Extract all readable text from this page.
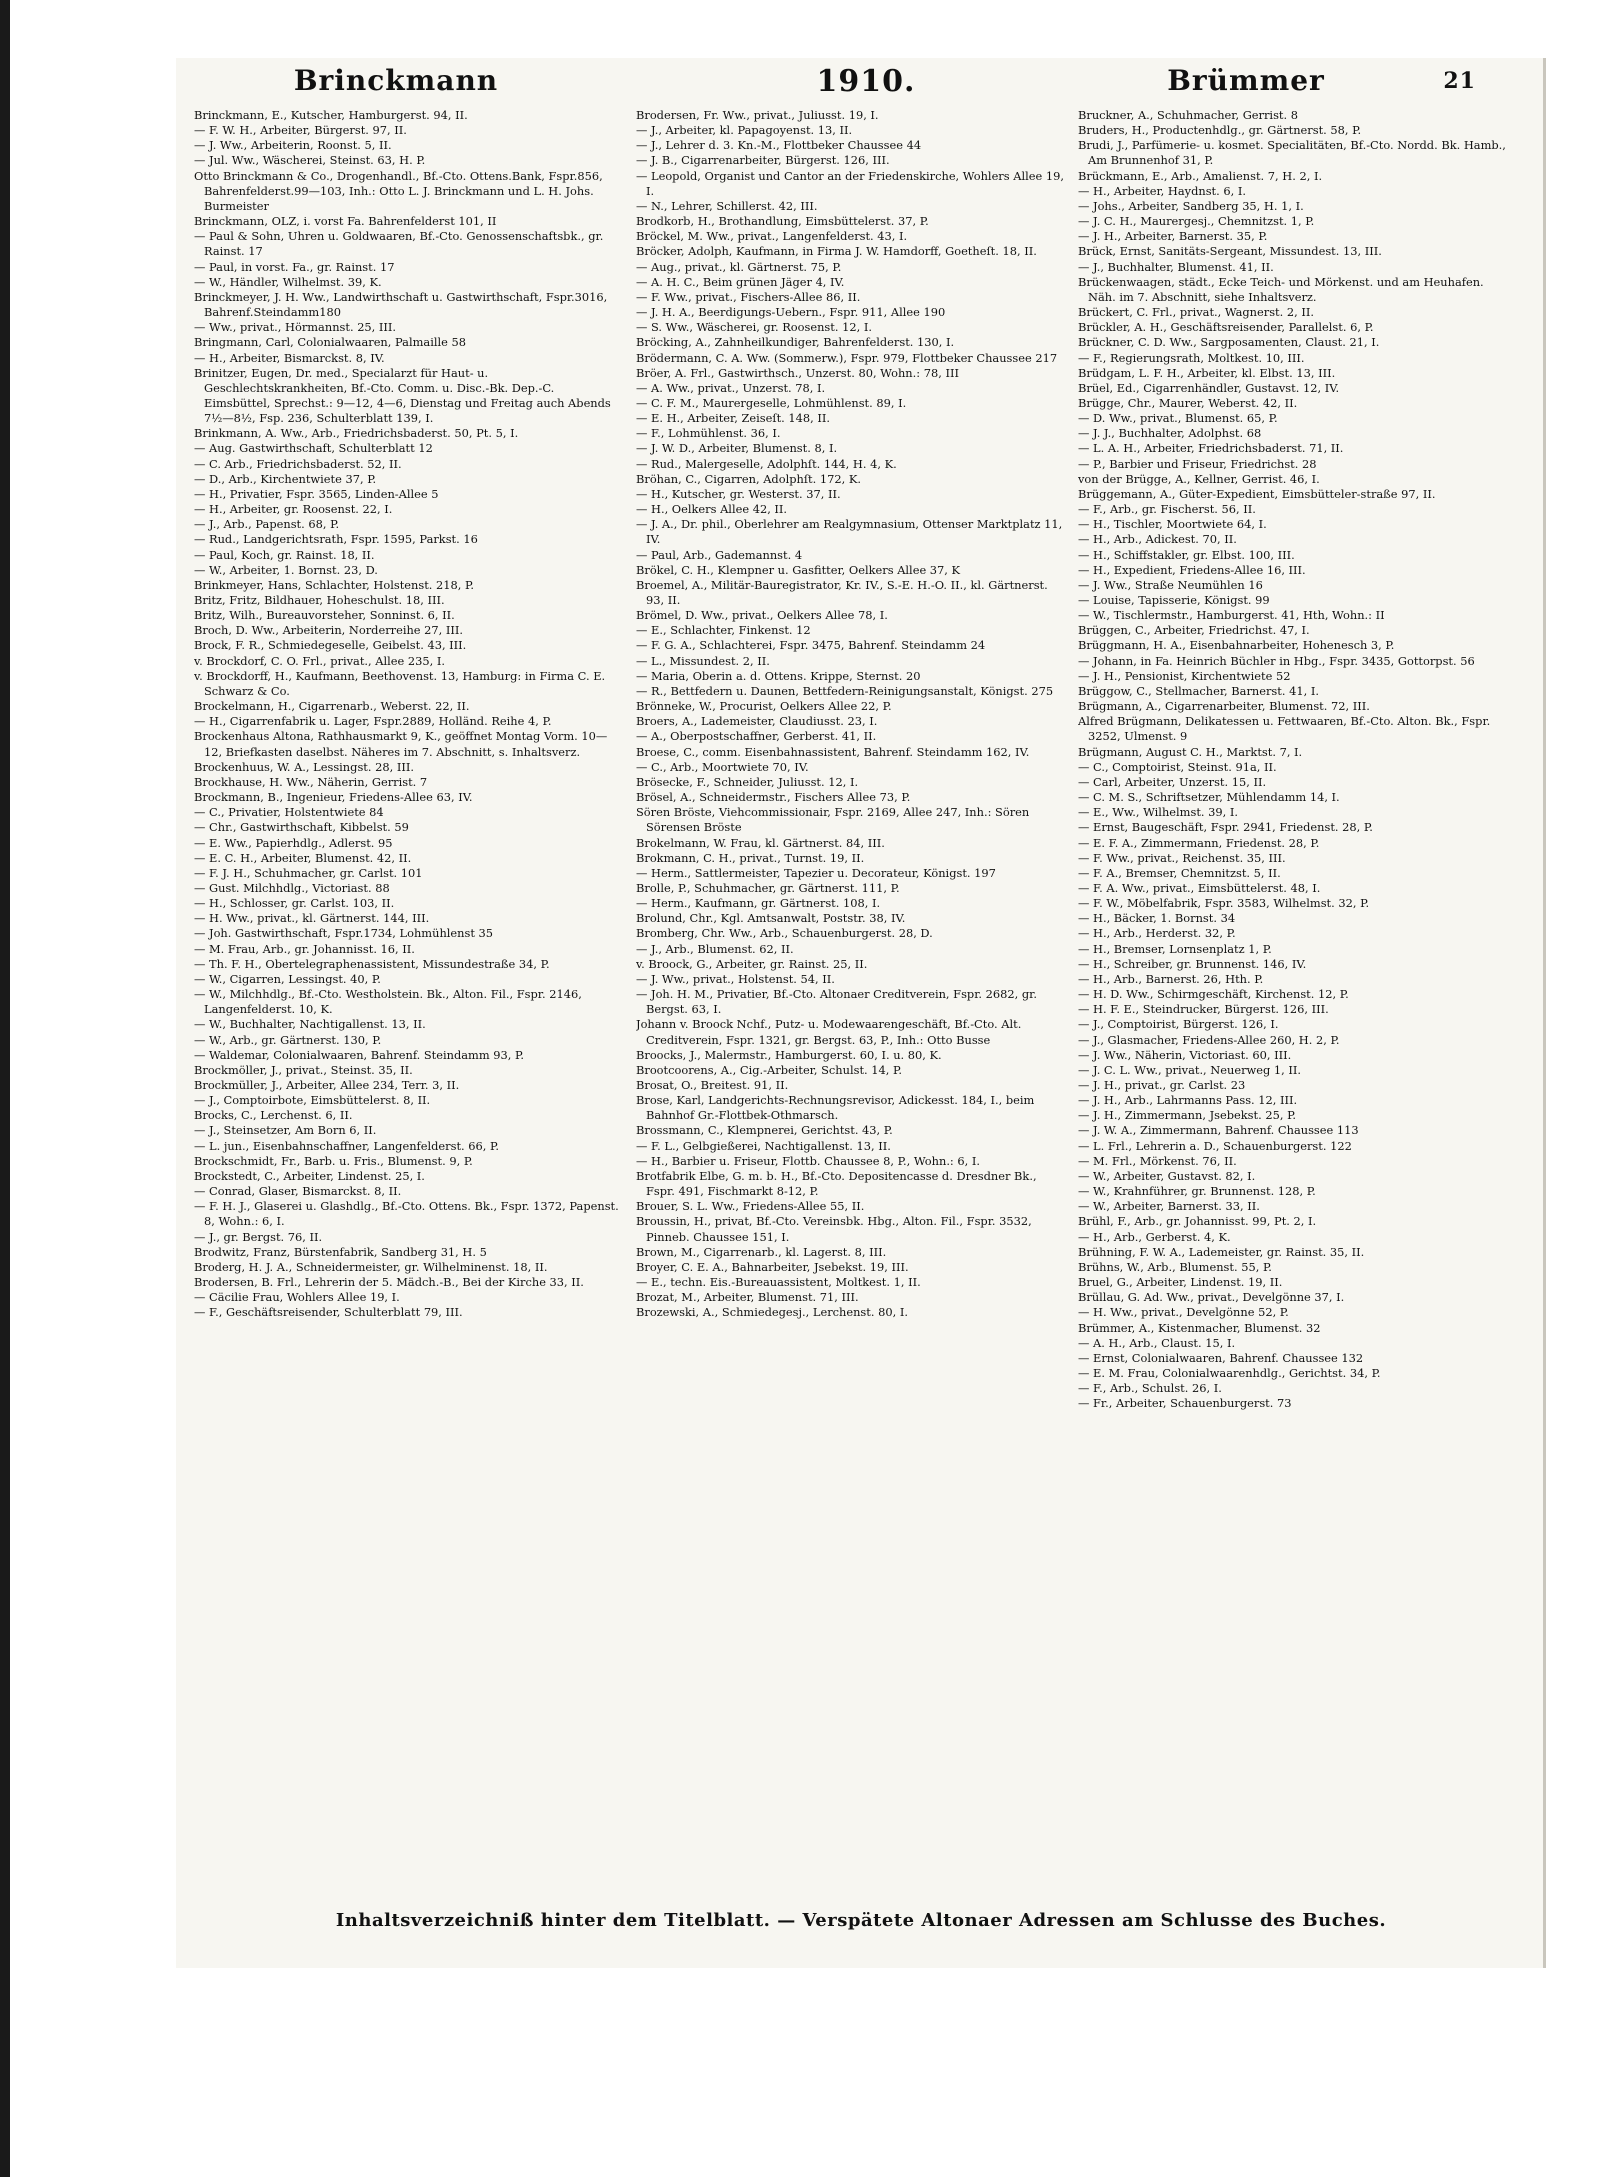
Brinckmann	1910.	Brümmer	21

Brinckmann, E., Kutscher, Hamburgerst. 94, II.

— F. W. H., Arbeiter, Bürgerst. 97, II.

— J. Ww., Arbeiterin, Roonst. 5, II.

— Jul. Ww., Wäscherei, Steinst. 63, H. P.

Otto Brinckmann & Co., Drogenhandl., Bf.-Cto. Ottens.Bank, Fspr.856, Bahrenfelderst.99—103, Inh.: Otto L. J. Brinckmann und L. H. Johs. Burmeister

Brinckmann, OLZ, i. vorst Fa. Bahrenfelderst 101, II

— Paul & Sohn, Uhren u. Goldwaaren, Bf.-Cto. Genossenschaftsbk., gr. Rainst. 17

— Paul, in vorst. Fa., gr. Rainst. 17

— W., Händler, Wilhelmst. 39, K.

Brinckmeyer, J. H. Ww., Landwirthschaft u. Gastwirthschaft, Fspr.3016, Bahrenf.Steindamm180

— Ww., privat., Hörmannst. 25, III.

Bringmann, Carl, Colonialwaaren, Palmaille 58

— H., Arbeiter, Bismarckst. 8, IV.

Brinitzer, Eugen, Dr. med., Specialarzt für Haut- u. Geschlechtskrankheiten, Bf.-Cto. Comm. u. Disc.-Bk. Dep.-C. Eimsbüttel, Sprechst.: 9—12, 4—6, Dienstag und Freitag auch Abends 7½—8½, Fsp. 236, Schulterblatt 139, I.

Brinkmann, A. Ww., Arb., Friedrichsbaderst. 50, Pt. 5, I.

— Aug. Gastwirthschaft, Schulterblatt 12

— C. Arb., Friedrichsbaderst. 52, II.

— D., Arb., Kirchentwiete 37, P.

— H., Privatier, Fspr. 3565, Linden-Allee 5

— H., Arbeiter, gr. Roosenst. 22, I.

— J., Arb., Papenst. 68, P.

— Rud., Landgerichtsrath, Fspr. 1595, Parkst. 16

— Paul, Koch, gr. Rainst. 18, II.

— W., Arbeiter, 1. Bornst. 23, D.

Brinkmeyer, Hans, Schlachter, Holstenst. 218, P.

Britz, Fritz, Bildhauer, Hoheschulst. 18, III.

Britz, Wilh., Bureauvorsteher, Sonninst. 6, II.

Broch, D. Ww., Arbeiterin, Norderreihe 27, III.

Brock, F. R., Schmiedegeselle, Geibelst. 43, III.

v. Brockdorf, C. O. Frl., privat., Allee 235, I.

v. Brockdorff, H., Kaufmann, Beethovenst. 13, Hamburg: in Firma C. E. Schwarz & Co.

Brockelmann, H., Cigarrenarb., Weberst. 22, II.

— H., Cigarrenfabrik u. Lager, Fspr.2889, Holländ. Reihe 4, P.

Brockenhaus Altona, Rathhausmarkt 9, K., geöffnet Montag Vorm. 10—12, Briefkasten daselbst. Näheres im 7. Abschnitt, s. Inhaltsverz.

Brockenhuus, W. A., Lessingst. 28, III.

Brockhause, H. Ww., Näherin, Gerrist. 7

Brockmann, B., Ingenieur, Friedens-Allee 63, IV.

— C., Privatier, Holstentwiete 84

— Chr., Gastwirthschaft, Kibbelst. 59

— E. Ww., Papierhdlg., Adlerst. 95

— E. C. H., Arbeiter, Blumenst. 42, II.

— F. J. H., Schuhmacher, gr. Carlst. 101

— Gust. Milchhdlg., Victoriast. 88

— H., Schlosser, gr. Carlst. 103, II.

— H. Ww., privat., kl. Gärtnerst. 144, III.

— Joh. Gastwirthschaft, Fspr.1734, Lohmühlenst 35

— M. Frau, Arb., gr. Johannisst. 16, II.

— Th. F. H., Obertelegraphenassistent, Missundestraße 34, P.

— W., Cigarren, Lessingst. 40, P.

— W., Milchhdlg., Bf.-Cto. Westholstein. Bk., Alton. Fil., Fspr. 2146, Langenfelderst. 10, K.

— W., Buchhalter, Nachtigallenst. 13, II.

— W., Arb., gr. Gärtnerst. 130, P.

— Waldemar, Colonialwaaren, Bahrenf. Steindamm 93, P.

Brockmöller, J., privat., Steinst. 35, II.

Brockmüller, J., Arbeiter, Allee 234, Terr. 3, II.

— J., Comptoirbote, Eimsbüttelerst. 8, II.

Brocks, C., Lerchenst. 6, II.

— J., Steinsetzer, Am Born 6, II.

— L. jun., Eisenbahnschaffner, Langenfelderst. 66, P.

Brockschmidt, Fr., Barb. u. Fris., Blumenst. 9, P.

Brockstedt, C., Arbeiter, Lindenst. 25, I.

— Conrad, Glaser, Bismarckst. 8, II.

— F. H. J., Glaserei u. Glashdlg., Bf.-Cto. Ottens. Bk., Fspr. 1372, Papenst. 8, Wohn.: 6, I.

— J., gr. Bergst. 76, II.

Brodwitz, Franz, Bürstenfabrik, Sandberg 31, H. 5

Broderg, H. J. A., Schneidermeister, gr. Wilhelminenst. 18, II.

Brodersen, B. Frl., Lehrerin der 5. Mädch.-B., Bei der Kirche 33, II.

— Cäcilie Frau, Wohlers Allee 19, I.

— F., Geschäftsreisender, Schulterblatt 79, III.

Brodersen, Fr. Ww., privat., Juliusst. 19, I.

— J., Arbeiter, kl. Papagoyenst. 13, II.

— J., Lehrer d. 3. Kn.-M., Flottbeker Chaussee 44

— J. B., Cigarrenarbeiter, Bürgerst. 126, III.

— Leopold, Organist und Cantor an der Friedenskirche, Wohlers Allee 19, I.

— N., Lehrer, Schillerst. 42, III.

Brodkorb, H., Brothandlung, Eimsbüttelerst. 37, P.

Bröckel, M. Ww., privat., Langenfelderst. 43, I.

Bröcker, Adolph, Kaufmann, in Firma J. W. Hamdorff, Goetheſt. 18, II.

— Aug., privat., kl. Gärtnerst. 75, P.

— A. H. C., Beim grünen Jäger 4, IV.

— F. Ww., privat., Fischers-Allee 86, II.

— J. H. A., Beerdigungs-Uebern., Fspr. 911, Allee 190

— S. Ww., Wäscherei, gr. Roosenst. 12, I.

Bröcking, A., Zahnheilkundiger, Bahrenfelderst. 130, I.

Brödermann, C. A. Ww. (Sommerw.), Fspr. 979, Flottbeker Chaussee 217

Bröer, A. Frl., Gastwirthsch., Unzerst. 80, Wohn.: 78, III

— A. Ww., privat., Unzerst. 78, I.

— C. F. M., Maurergeselle, Lohmühlenst. 89, I.

— E. H., Arbeiter, Zeiseſt. 148, II.

— F., Lohmühlenst. 36, I.

— J. W. D., Arbeiter, Blumenst. 8, I.

— Rud., Malergeselle, Adolphſt. 144, H. 4, K.

Bröhan, C., Cigarren, Adolphſt. 172, K.

— H., Kutscher, gr. Westerst. 37, II.

— H., Oelkers Allee 42, II.

— J. A., Dr. phil., Oberlehrer am Realgymnasium, Ottenser Marktplatz 11, IV.

— Paul, Arb., Gademannst. 4

Brökel, C. H., Klempner u. Gasfitter, Oelkers Allee 37, K

Broemel, A., Militär-Bauregistrator, Kr. IV., S.-E. H.-O. II., kl. Gärtnerst. 93, II.

Brömel, D. Ww., privat., Oelkers Allee 78, I.

— E., Schlachter, Finkenst. 12

— F. G. A., Schlachterei, Fspr. 3475, Bahrenf. Steindamm 24

— L., Missundest. 2, II.

— Maria, Oberin a. d. Ottens. Krippe, Sternst. 20

— R., Bettfedern u. Daunen, Bettfedern-Reinigungsanstalt, Königst. 275

Brönneke, W., Procurist, Oelkers Allee 22, P.

Broers, A., Lademeister, Claudiusst. 23, I.

— A., Oberpostschaffner, Gerberst. 41, II.

Broese, C., comm. Eisenbahnassistent, Bahrenf. Steindamm 162, IV.

— C., Arb., Moortwiete 70, IV.

Brösecke, F., Schneider, Juliusst. 12, I.

Brösel, A., Schneidermstr., Fischers Allee 73, P.

Sören Bröste, Viehcommissionair, Fspr. 2169, Allee 247, Inh.: Sören Sörensen Bröste

Brokelmann, W. Frau, kl. Gärtnerst. 84, III.

Brokmann, C. H., privat., Turnst. 19, II.

— Herm., Sattlermeister, Tapezier u. Decorateur, Königst. 197

Brolle, P., Schuhmacher, gr. Gärtnerst. 111, P.

— Herm., Kaufmann, gr. Gärtnerst. 108, I.

Brolund, Chr., Kgl. Amtsanwalt, Poststr. 38, IV.

Bromberg, Chr. Ww., Arb., Schauenburgerst. 28, D.

— J., Arb., Blumenst. 62, II.

v. Broock, G., Arbeiter, gr. Rainst. 25, II.

— J. Ww., privat., Holstenst. 54, II.

— Joh. H. M., Privatier, Bf.-Cto. Altonaer Creditverein, Fspr. 2682, gr. Bergst. 63, I.

Johann v. Broock Nchf., Putz- u. Modewaarengeschäft, Bf.-Cto. Alt. Creditverein, Fspr. 1321, gr. Bergst. 63, P., Inh.: Otto Busse

Broocks, J., Malermstr., Hamburgerst. 60, I. u. 80, K.

Brootcoorens, A., Cig.-Arbeiter, Schulst. 14, P.

Brosat, O., Breitest. 91, II.

Brose, Karl, Landgerichts-Rechnungsrevisor, Adickesst. 184, I., beim Bahnhof Gr.-Flottbek-Othmarsch.

Brossmann, C., Klempnerei, Gerichtst. 43, P.

— F. L., Gelbgießerei, Nachtigallenst. 13, II.

— H., Barbier u. Friseur, Flottb. Chaussee 8, P., Wohn.: 6, I.

Brotfabrik Elbe, G. m. b. H., Bf.-Cto. Depositencasse d. Dresdner Bk., Fspr. 491, Fischmarkt 8-12, P.

Brouer, S. L. Ww., Friedens-Allee 55, II.

Broussin, H., privat, Bf.-Cto. Vereinsbk. Hbg., Alton. Fil., Fspr. 3532, Pinneb. Chaussee 151, I.

Brown, M., Cigarrenarb., kl. Lagerst. 8, III.

Broyer, C. E. A., Bahnarbeiter, Jsebekst. 19, III.

— E., techn. Eis.-Bureauassistent, Moltkest. 1, II.

Brozat, M., Arbeiter, Blumenst. 71, III.

Brozewski, A., Schmiedegesj., Lerchenst. 80, I.

Bruckner, A., Schuhmacher, Gerrist. 8

Bruders, H., Productenhdlg., gr. Gärtnerst. 58, P.

Brudi, J., Parfümerie- u. kosmet. Specialitäten, Bf.-Cto. Nordd. Bk. Hamb., Am Brunnenhof 31, P.

Brückmann, E., Arb., Amalienst. 7, H. 2, I.

— H., Arbeiter, Haydnst. 6, I.

— Johs., Arbeiter, Sandberg 35, H. 1, I.

— J. C. H., Maurergesj., Chemnitzst. 1, P.

— J. H., Arbeiter, Barnerst. 35, P.

Brück, Ernst, Sanitäts-Sergeant, Missundest. 13, III.

— J., Buchhalter, Blumenst. 41, II.

Brückenwaagen, städt., Ecke Teich- und Mörkenst. und am Heuhafen. Näh. im 7. Abschnitt, siehe Inhaltsverz.

Brückert, C. Frl., privat., Wagnerst. 2, II.

Brückler, A. H., Geschäftsreisender, Parallelst. 6, P.

Brückner, C. D. Ww., Sargposamenten, Claust. 21, I.

— F., Regierungsrath, Moltkest. 10, III.

Brüdgam, L. F. H., Arbeiter, kl. Elbst. 13, III.

Brüel, Ed., Cigarrenhändler, Gustavst. 12, IV.

Brügge, Chr., Maurer, Weberst. 42, II.

— D. Ww., privat., Blumenst. 65, P.

— J. J., Buchhalter, Adolphst. 68

— L. A. H., Arbeiter, Friedrichsbaderst. 71, II.

— P., Barbier und Friseur, Friedrichst. 28

von der Brügge, A., Kellner, Gerrist. 46, I.

Brüggemann, A., Güter-Expedient, Eimsbütteler-straße 97, II.

— F., Arb., gr. Fischerst. 56, II.

— H., Tischler, Moortwiete 64, I.

— H., Arb., Adickest. 70, II.

— H., Schiffstakler, gr. Elbst. 100, III.

— H., Expedient, Friedens-Allee 16, III.

— J. Ww., Straße Neumühlen 16

— Louise, Tapisserie, Königst. 99

— W., Tischlermstr., Hamburgerst. 41, Hth, Wohn.: II

Brüggen, C., Arbeiter, Friedrichst. 47, I.

Brüggmann, H. A., Eisenbahnarbeiter, Hohenesch 3, P.

— Johann, in Fa. Heinrich Büchler in Hbg., Fspr. 3435, Gottorpst. 56

— J. H., Pensionist, Kirchentwiete 52

Brüggow, C., Stellmacher, Barnerst. 41, I.

Brügmann, A., Cigarrenarbeiter, Blumenst. 72, III.

Alfred Brügmann, Delikatessen u. Fettwaaren, Bf.-Cto. Alton. Bk., Fspr. 3252, Ulmenst. 9

Brügmann, August C. H., Marktst. 7, I.

— C., Comptoirist, Steinst. 91a, II.

— Carl, Arbeiter, Unzerst. 15, II.

— C. M. S., Schriftsetzer, Mühlendamm 14, I.

— E., Ww., Wilhelmst. 39, I.

— Ernst, Baugeschäft, Fspr. 2941, Friedenst. 28, P.

— E. F. A., Zimmermann, Friedenst. 28, P.

— F. Ww., privat., Reichenst. 35, III.

— F. A., Bremser, Chemnitzst. 5, II.

— F. A. Ww., privat., Eimsbüttelerst. 48, I.

— F. W., Möbelfabrik, Fspr. 3583, Wilhelmst. 32, P.

— H., Bäcker, 1. Bornst. 34

— H., Arb., Herderst. 32, P.

— H., Bremser, Lornsenplatz 1, P.

— H., Schreiber, gr. Brunnenst. 146, IV.

— H., Arb., Barnerst. 26, Hth. P.

— H. D. Ww., Schirmgeschäft, Kirchenst. 12, P.

— H. F. E., Steindrucker, Bürgerst. 126, III.

— J., Comptoirist, Bürgerst. 126, I.

— J., Glasmacher, Friedens-Allee 260, H. 2, P.

— J. Ww., Näherin, Victoriast. 60, III.

— J. C. L. Ww., privat., Neuerweg 1, II.

— J. H., privat., gr. Carlst. 23

— J. H., Arb., Lahrmanns Pass. 12, III.

— J. H., Zimmermann, Jsebekst. 25, P.

— J. W. A., Zimmermann, Bahrenf. Chaussee 113

— L. Frl., Lehrerin a. D., Schauenburgerst. 122

— M. Frl., Mörkenst. 76, II.

— W., Arbeiter, Gustavst. 82, I.

— W., Krahnführer, gr. Brunnenst. 128, P.

— W., Arbeiter, Barnerst. 33, II.

Brühl, F., Arb., gr. Johannisst. 99, Pt. 2, I.

— H., Arb., Gerberst. 4, K.

Brühning, F. W. A., Lademeister, gr. Rainst. 35, II.

Brühns, W., Arb., Blumenst. 55, P.

Bruel, G., Arbeiter, Lindenst. 19, II.

Brüllau, G. Ad. Ww., privat., Develgönne 37, I.

— H. Ww., privat., Develgönne 52, P.

Brümmer, A., Kistenmacher, Blumenst. 32

— A. H., Arb., Claust. 15, I.

— Ernst, Colonialwaaren, Bahrenf. Chaussee 132

— E. M. Frau, Colonialwaarenhdlg., Gerichtst. 34, P.

— F., Arb., Schulst. 26, I.

— Fr., Arbeiter, Schauenburgerst. 73

Inhaltsverzeichniß hinter dem Titelblatt. — Verspätete Altonaer Adressen am Schlusse des Buches.
